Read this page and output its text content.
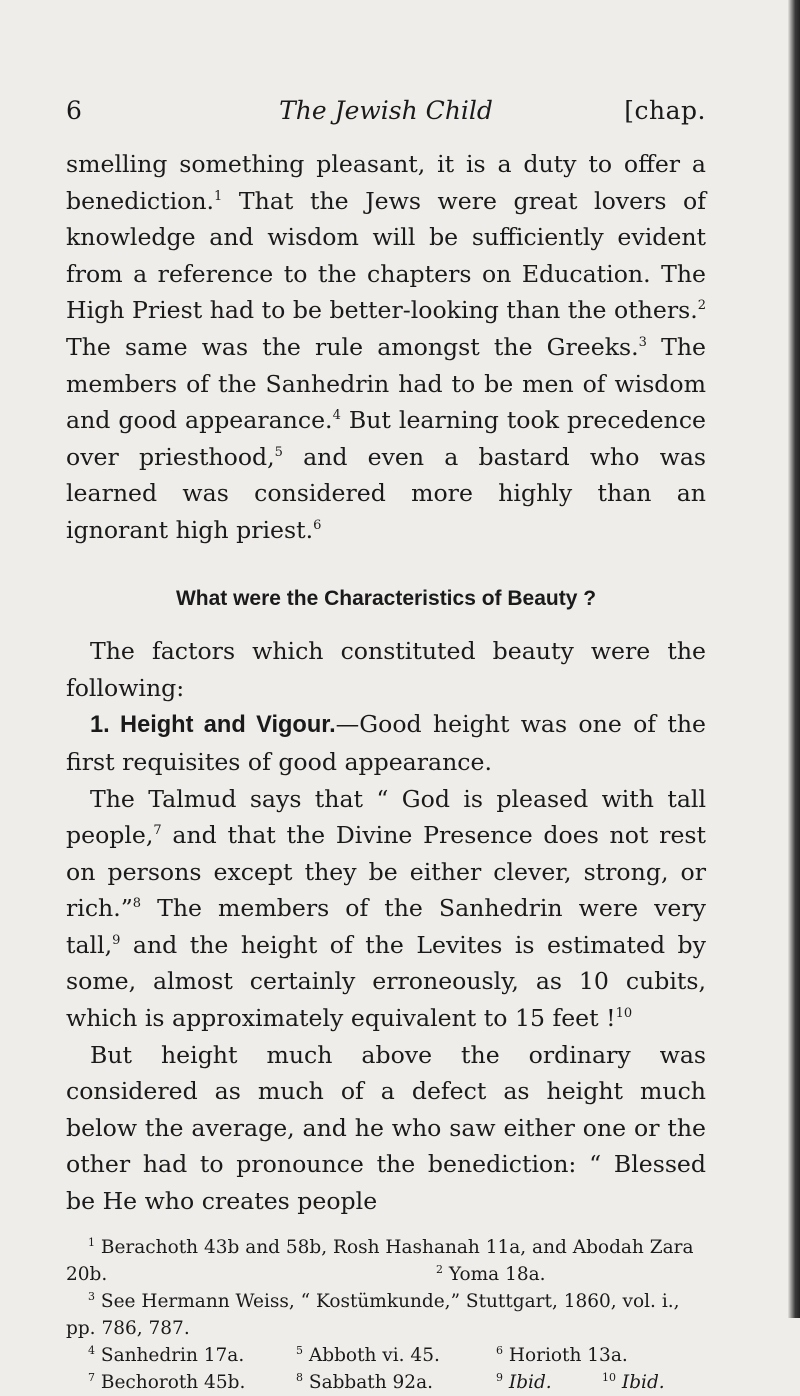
6	The Jewish Child	[chap.

smelling something pleasant, it is a duty to offer a benediction.$^1$ That the Jews were great lovers of knowledge and wisdom will be sufficiently evident from a reference to the chapters on Education. The High Priest had to be better-looking than the others.$^2$ The same was the rule amongst the Greeks.$^3$ The members of the Sanhedrin had to be men of wisdom and good appearance.$^4$ But learning took precedence over priesthood,$^5$ and even a bastard who was learned was considered more highly than an ignorant high priest.$^6$

What were the Characteristics of Beauty ?

The factors which constituted beauty were the following:

1. Height and Vigour.—Good height was one of the first requisites of good appearance.

The Talmud says that “ God is pleased with tall people,$^7$ and that the Divine Presence does not rest on persons except they be either clever, strong, or rich.”$^8$ The members of the Sanhedrin were very tall,$^9$ and the height of the Levites is estimated by some, almost certainly erroneously, as 10 cubits, which is approximately equivalent to 15 feet !$^{10}$

But height much above the ordinary was considered as much of a defect as height much below the average, and he who saw either one or the other had to pronounce the benediction: “ Blessed be He who creates people

$^1$ Berachoth 43b and 58b, Rosh Hashanah 11a, and Abodah Zara
20b.	$^2$ Yoma 18a.
$^3$ See Hermann Weiss, “ Kostümkunde,” Stuttgart, 1860, vol. i.,
pp. 786, 787.
$^4$ Sanhedrin 17a.	$^5$ Abboth vi. 45.	$^6$ Horioth 13a.
$^7$ Bechoroth 45b.	$^8$ Sabbath 92a.	$^9$ Ibid.	$^{10}$ Ibid.
